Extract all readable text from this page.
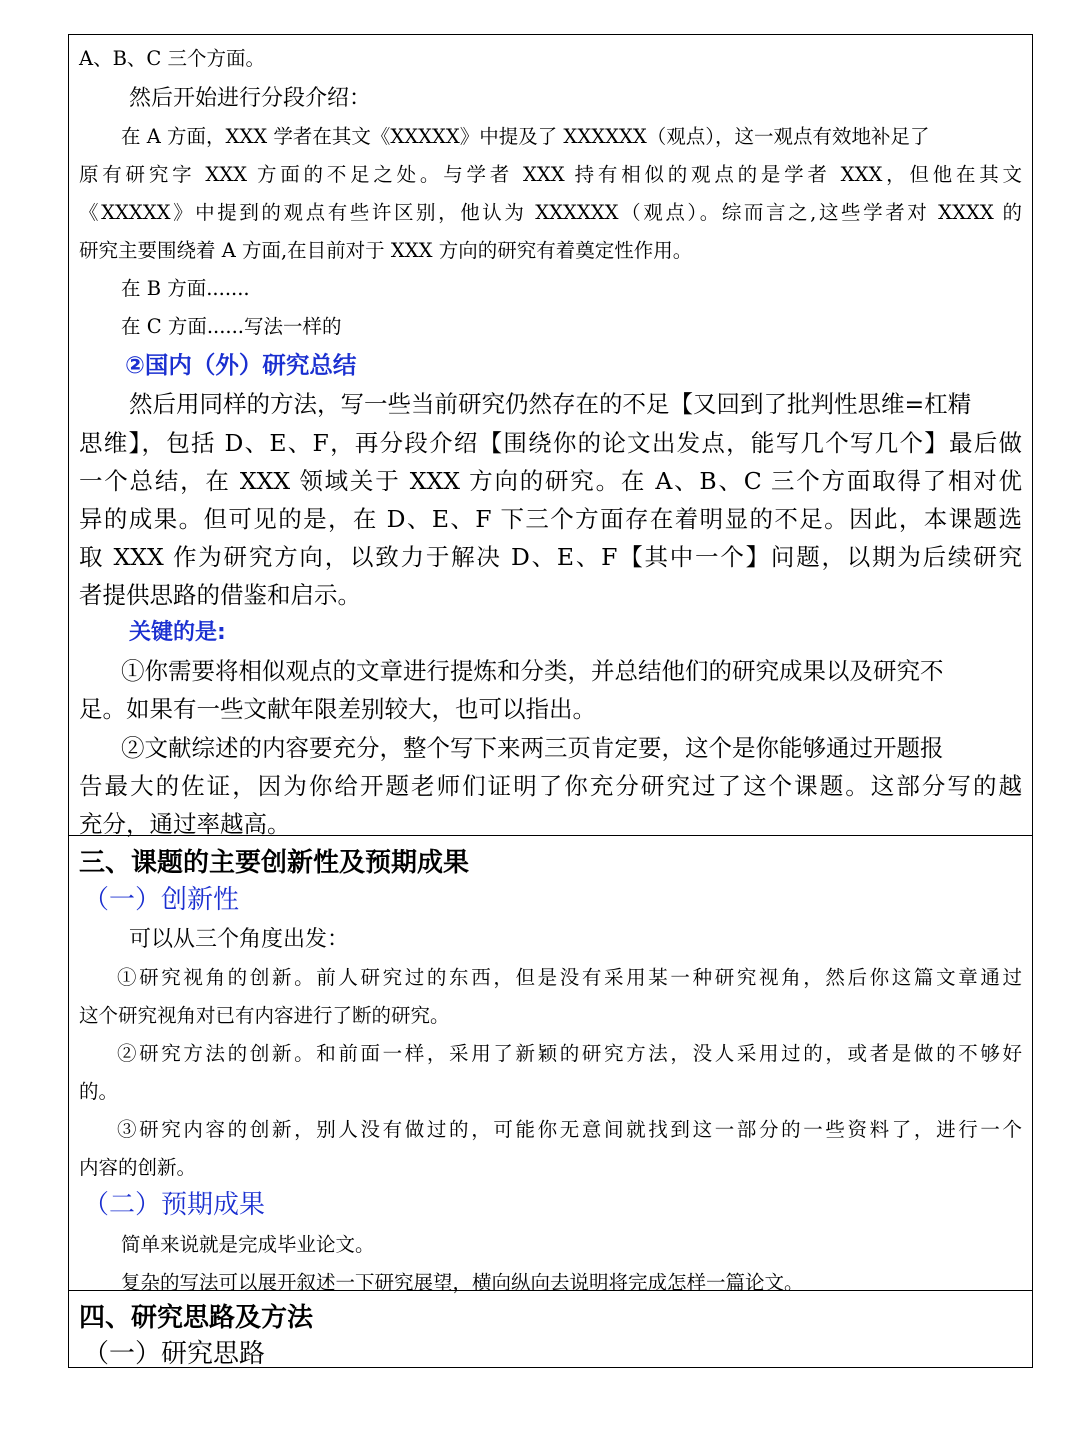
A、B、C 三个方面。

然后开始进行分段介绍：

在 A 方面，XXX 学者在其文《XXXXX》中提及了 XXXXXX（观点），这一观点有效地补足了

原有研究字 XXX 方面的不足之处。与学者 XXX 持有相似的观点的是学者 XXX，但他在其文

《XXXXX》中提到的观点有些许区别，他认为 XXXXXX（观点）。综而言之,这些学者对 XXXX 的

研究主要围绕着 A 方面,在目前对于 XXX 方向的研究有着奠定性作用。

在 B 方面.......

在 C 方面......写法一样的

②国内（外）研究总结

然后用同样的方法，写一些当前研究仍然存在的不足【又回到了批判性思维=杠精

思维】，包括 D、E、F，再分段介绍【围绕你的论文出发点，能写几个写几个】最后做

一个总结，在 XXX 领域关于 XXX 方向的研究。在 A、B、C 三个方面取得了相对优

异的成果。但可见的是，在 D、E、F 下三个方面存在着明显的不足。因此，本课题选

取 XXX 作为研究方向，以致力于解决 D、E、F【其中一个】问题，以期为后续研究

者提供思路的借鉴和启示。

关键的是:

①你需要将相似观点的文章进行提炼和分类，并总结他们的研究成果以及研究不

足。如果有一些文献年限差别较大，也可以指出。

②文献综述的内容要充分，整个写下来两三页肯定要，这个是你能够通过开题报

告最大的佐证，因为你给开题老师们证明了你充分研究过了这个课题。这部分写的越

充分，通过率越高。

三、课题的主要创新性及预期成果

（一）创新性

可以从三个角度出发：

①研究视角的创新。前人研究过的东西，但是没有采用某一种研究视角，然后你这篇文章通过

这个研究视角对已有内容进行了断的研究。

②研究方法的创新。和前面一样，采用了新颖的研究方法，没人采用过的，或者是做的不够好

的。

③研究内容的创新，别人没有做过的，可能你无意间就找到这一部分的一些资料了，进行一个

内容的创新。

（二）预期成果

简单来说就是完成毕业论文。

复杂的写法可以展开叙述一下研究展望，横向纵向去说明将完成怎样一篇论文。

四、研究思路及方法

（一）研究思路
